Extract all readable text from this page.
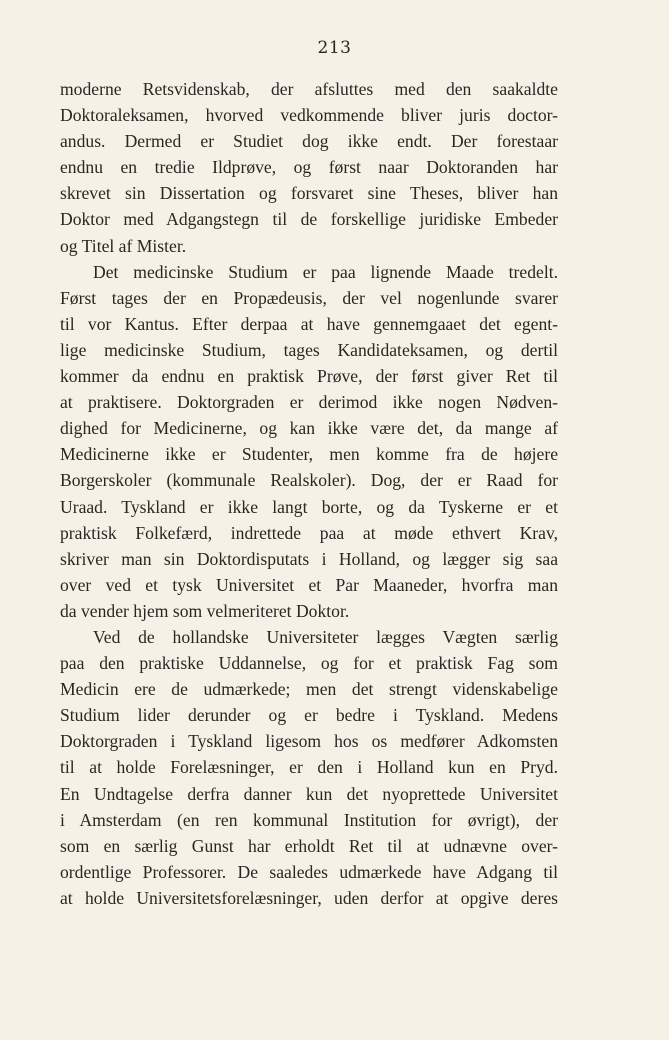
213
moderne Retsvidenskab, der afsluttes med den saakaldte
Doktoraleksamen, hvorved vedkommende bliver juris doctor-
andus. Dermed er Studiet dog ikke endt. Der forestaar
endnu en tredie Ildprøve, og først naar Doktoranden har
skrevet sin Dissertation og forsvaret sine Theses, bliver han
Doktor med Adgangstegn til de forskellige juridiske Embeder
og Titel af Mister.
Det medicinske Studium er paa lignende Maade tredelt.
Først tages der en Propædeusis, der vel nogenlunde svarer
til vor Kantus. Efter derpaa at have gennemgaaet det egent-
lige medicinske Studium, tages Kandidateksamen, og dertil
kommer da endnu en praktisk Prøve, der først giver Ret til
at praktisere. Doktorgraden er derimod ikke nogen Nødven-
dighed for Medicinerne, og kan ikke være det, da mange af
Medicinerne ikke er Studenter, men komme fra de højere
Borgerskoler (kommunale Realskoler). Dog, der er Raad for
Uraad. Tyskland er ikke langt borte, og da Tyskerne er et
praktisk Folkefærd, indrettede paa at møde ethvert Krav,
skriver man sin Doktordisputats i Holland, og lægger sig saa
over ved et tysk Universitet et Par Maaneder, hvorfra man
da vender hjem som velmeriteret Doktor.
Ved de hollandske Universiteter lægges Vægten særlig
paa den praktiske Uddannelse, og for et praktisk Fag som
Medicin ere de udmærkede; men det strengt videnskabelige
Studium lider derunder og er bedre i Tyskland. Medens
Doktorgraden i Tyskland ligesom hos os medfører Adkomsten
til at holde Forelæsninger, er den i Holland kun en Pryd.
En Undtagelse derfra danner kun det nyoprettede Universitet
i Amsterdam (en ren kommunal Institution for øvrigt), der
som en særlig Gunst har erholdt Ret til at udnævne over-
ordentlige Professorer. De saaledes udmærkede have Adgang til
at holde Universitetsforelæsninger, uden derfor at opgive deres
